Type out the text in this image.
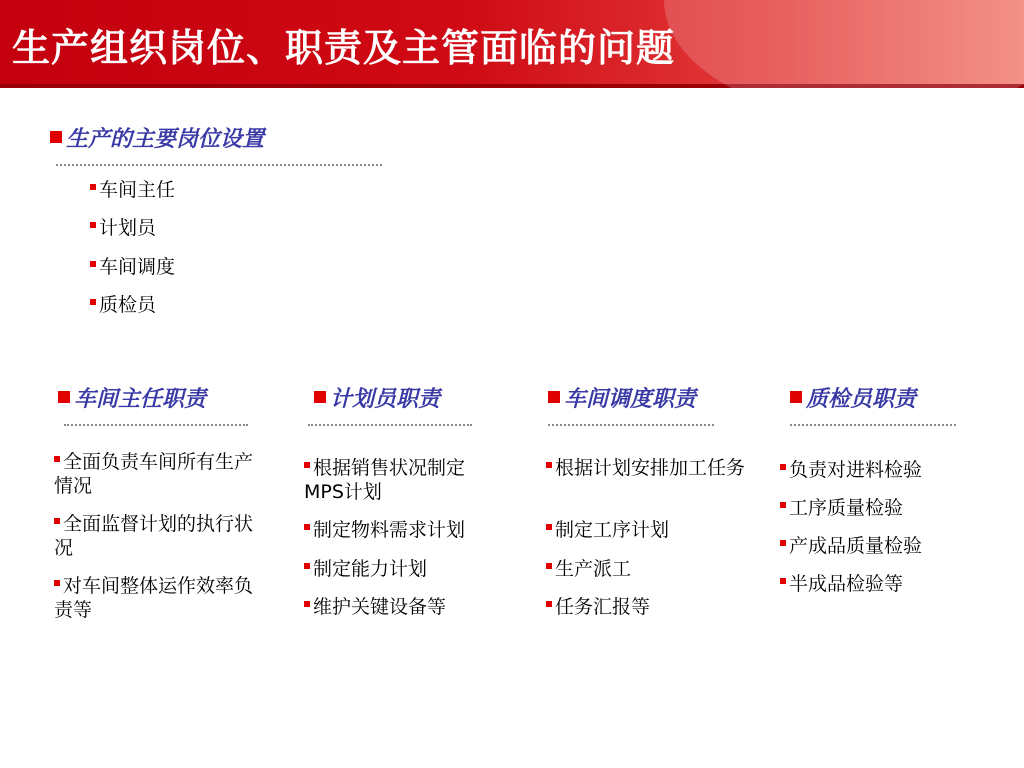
生产组织岗位、职责及主管面临的问题
生产的主要岗位设置
车间主任
计划员
车间调度
质检员
车间主任职责
全面负责车间所有生产情况
全面监督计划的执行状况
对车间整体运作效率负责等
计划员职责
根据销售状况制定MPS计划
制定物料需求计划
制定能力计划
维护关键设备等
车间调度职责
根据计划安排加工任务
制定工序计划
生产派工
任务汇报等
质检员职责
负责对进料检验
工序质量检验
产成品质量检验
半成品检验等
